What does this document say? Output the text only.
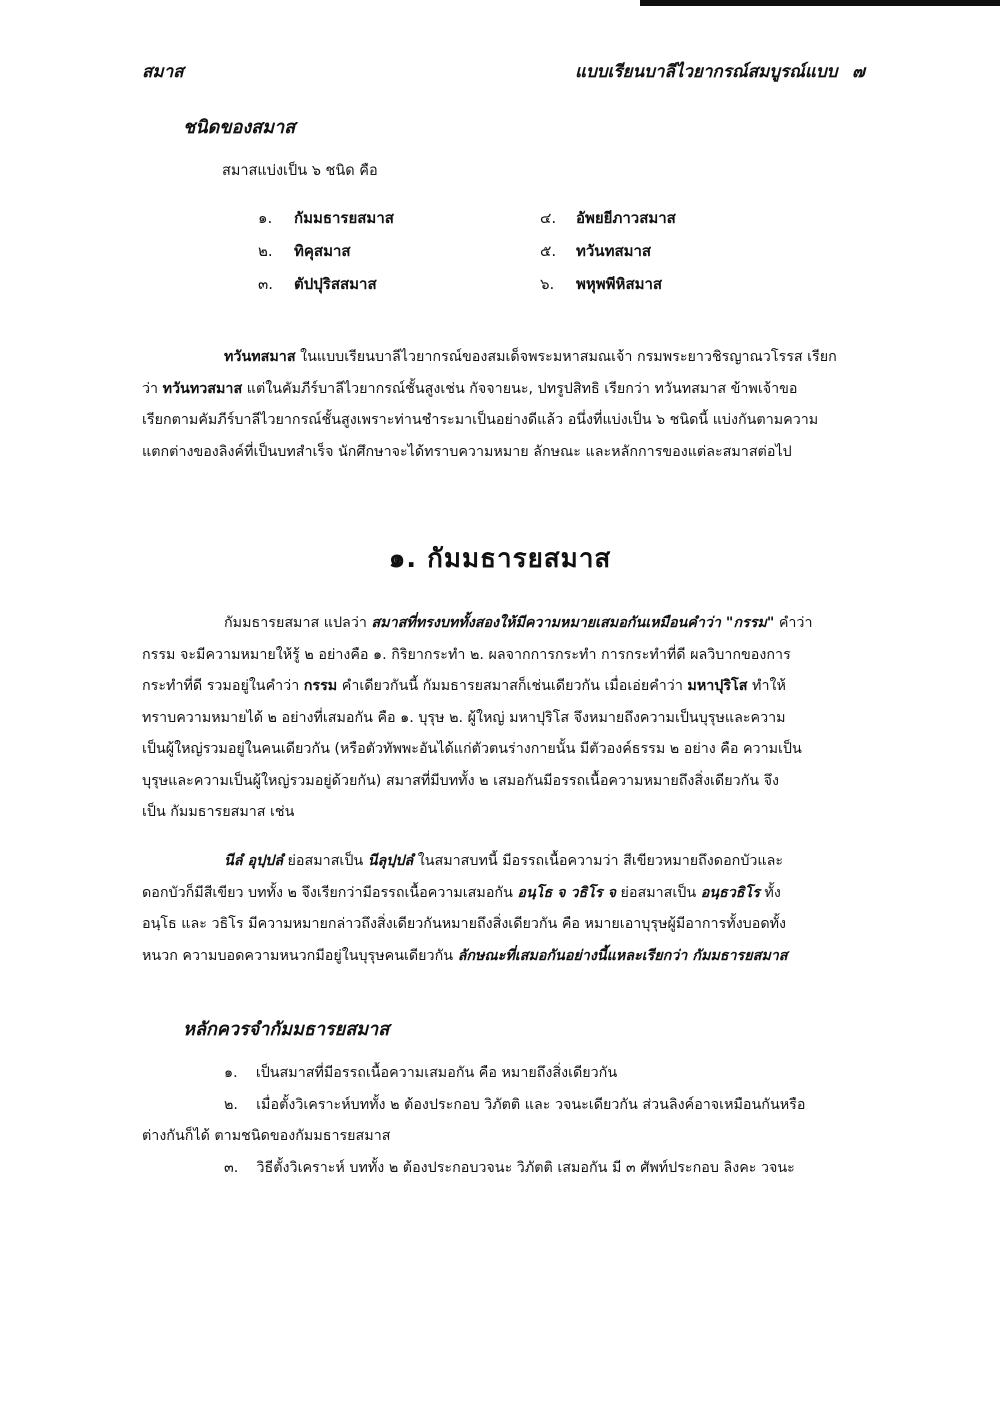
สมาส	แบบเรียนบาลีไวยากรณ์สมบูรณ์แบบ ๗
ชนิดของสมาส
สมาสแบ่งเป็น ๖ ชนิด คือ
๑. กัมมธารยสมาส
๒. ทิคุสมาส
๓. ตัปปุริสสมาส
๔. อัพยยีภาวสมาส
๕. ทวันทสมาส
๖. พหุพพีหิสมาส
ทวันทสมาส ในแบบเรียนบาลีไวยากรณ์ของสมเด็จพระมหาสมณเจ้า กรมพระยาวชิรญาณวโรรส เรียก
ว่า ทวันทวสมาส แต่ในคัมภีร์บาลีไวยากรณ์ชั้นสูงเช่น กัจจายนะ, ปทรูปสิทธิ เรียกว่า ทวันทสมาส ข้าพเจ้าขอ
เรียกตามคัมภีร์บาลีไวยากรณ์ชั้นสูงเพราะท่านชำระมาเป็นอย่างดีแล้ว อนึ่งที่แบ่งเป็น ๖ ชนิดนี้ แบ่งกันตามความ
แตกต่างของลิงค์ที่เป็นบทสำเร็จ นักศึกษาจะได้ทราบความหมาย ลักษณะ และหลักการของแต่ละสมาสต่อไป
๑. กัมมธารยสมาส
กัมมธารยสมาส แปลว่า สมาสที่ทรงบททั้งสองให้มีความหมายเสมอกันเหมือนคำว่า "กรรม" คำว่า
กรรม จะมีความหมายให้รู้ ๒ อย่างคือ ๑. กิริยากระทำ ๒. ผลจากการกระทำ การกระทำที่ดี ผลวิบากของการ
กระทำที่ดี รวมอยู่ในคำว่า กรรม คำเดียวกันนี้ กัมมธารยสมาสก็เช่นเดียวกัน เมื่อเอ่ยคำว่า มหาปุริโส ทำให้
ทราบความหมายได้ ๒ อย่างที่เสมอกัน คือ ๑. บุรุษ ๒. ผู้ใหญ่ มหาปุริโส จึงหมายถึงความเป็นบุรุษและความ
เป็นผู้ใหญ่รวมอยู่ในคนเดียวกัน (หรือตัวทัพพะอันได้แก่ตัวตนร่างกายนั้น มีตัวองค์ธรรม ๒ อย่าง คือ ความเป็น
บุรุษและความเป็นผู้ใหญ่รวมอยู่ด้วยกัน) สมาสที่มีบททั้ง ๒ เสมอกันมีอรรถเนื้อความหมายถึงสิ่งเดียวกัน จึง
เป็น กัมมธารยสมาส เช่น
นีลํ อุปฺปลํ ย่อสมาสเป็น นีลุปฺปลํ ในสมาสบทนี้ มีอรรถเนื้อความว่า สีเขียวหมายถึงดอกบัวและ
ดอกบัวก็มีสีเขียว บททั้ง ๒ จึงเรียกว่ามีอรรถเนื้อความเสมอกัน อนฺโธ จ วธิโร จ ย่อสมาสเป็น อนฺธวธิโร ทั้ง
อนฺโธ และ วธิโร มีความหมายกล่าวถึงสิ่งเดียวกันหมายถึงสิ่งเดียวกัน คือ หมายเอาบุรุษผู้มีอาการทั้งบอดทั้ง
หนวก ความบอดความหนวกมีอยู่ในบุรุษคนเดียวกัน ลักษณะที่เสมอกันอย่างนี้แหละเรียกว่า กัมมธารยสมาส
หลักควรจำกัมมธารยสมาส
๑. เป็นสมาสที่มีอรรถเนื้อความเสมอกัน คือ หมายถึงสิ่งเดียวกัน
๒. เมื่อตั้งวิเคราะห์บททั้ง ๒ ต้องประกอบ วิภัตติ และ วจนะเดียวกัน ส่วนลิงค์อาจเหมือนกันหรือ
ต่างกันก็ได้ ตามชนิดของกัมมธารยสมาส
๓. วิธีตั้งวิเคราะห์ บททั้ง ๒ ต้องประกอบวจนะ วิภัตติ เสมอกัน มี ๓ ศัพท์ประกอบ ลิงคะ วจนะ
